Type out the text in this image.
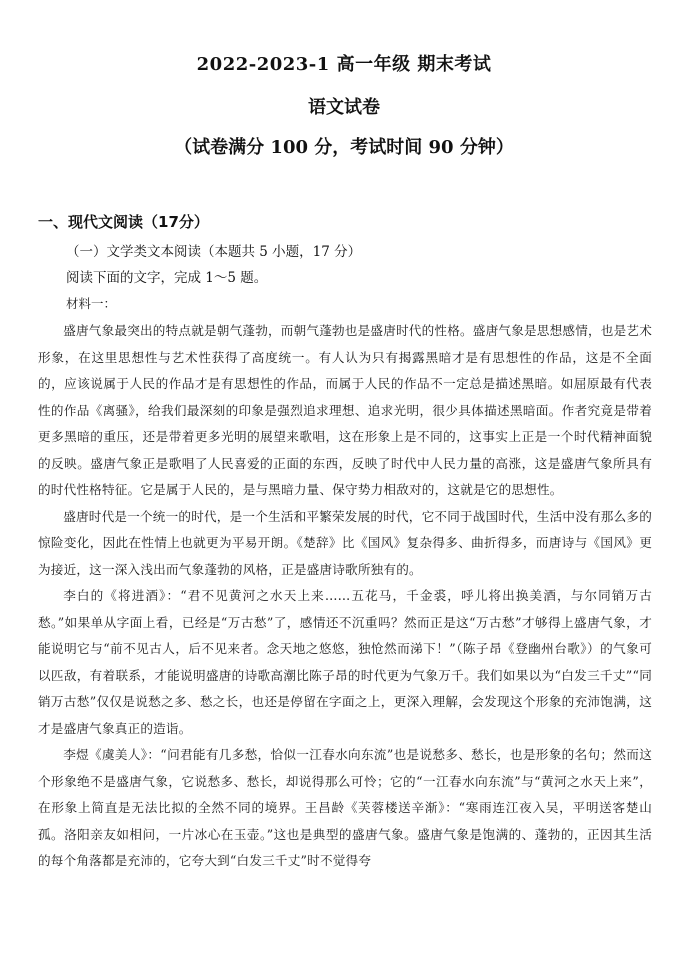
2022-2023-1 高一年级 期末考试
语文试卷
（试卷满分 100 分，考试时间 90 分钟）
一、现代文阅读（17分）
（一）文学类文本阅读（本题共 5 小题，17 分）
阅读下面的文字，完成 1～5 题。
材料一：

盛唐气象最突出的特点就是朝气蓬勃，而朝气蓬勃也是盛唐时代的性格。盛唐气象是思想感情，也是艺术形象，在这里思想性与艺术性获得了高度统一。有人认为只有揭露黑暗才是有思想性的作品，这是不全面的，应该说属于人民的作品才是有思想性的作品，而属于人民的作品不一定总是描述黑暗。如屈原最有代表性的作品《离骚》，给我们最深刻的印象是强烈追求理想、追求光明，很少具体描述黑暗面。作者究竟是带着更多黑暗的重压，还是带着更多光明的展望来歌唱，这在形象上是不同的，这事实上正是一个时代精神面貌的反映。盛唐气象正是歌唱了人民喜爱的正面的东西，反映了时代中人民力量的高涨，这是盛唐气象所具有的时代性格特征。它是属于人民的，是与黑暗力量、保守势力相敌对的，这就是它的思想性。

盛唐时代是一个统一的时代，是一个生活和平繁荣发展的时代，它不同于战国时代，生活中没有那么多的惊险变化，因此在性情上也就更为平易开朗。《楚辞》比《国风》复杂得多、曲折得多，而唐诗与《国风》更为接近，这一深入浅出而气象蓬勃的风格，正是盛唐诗歌所独有的。

李白的《将进酒》：“君不见黄河之水天上来……五花马，千金裘，呼儿将出换美酒，与尔同销万古愁。”如果单从字面上看，已经是“万古愁”了，感情还不沉重吗？然而正是这“万古愁”才够得上盛唐气象，才能说明它与“前不见古人，后不见来者。念天地之悠悠，独怆然而涕下！”（陈子昂《登幽州台歌》）的气象可以匹敌，有着联系，才能说明盛唐的诗歌高潮比陈子昂的时代更为气象万千。我们如果以为“白发三千丈”“同销万古愁”仅仅是说愁之多、愁之长，也还是停留在字面之上，更深入理解，会发现这个形象的充沛饱满，这才是盛唐气象真正的造诣。

李煜《虞美人》：“问君能有几多愁，恰似一江春水向东流”也是说愁多、愁长，也是形象的名句；然而这个形象绝不是盛唐气象，它说愁多、愁长，却说得那么可怜；它的“一江春水向东流”与“黄河之水天上来”，在形象上简直是无法比拟的全然不同的境界。王昌龄《芙蓉楼送辛渐》：“寒雨连江夜入吴，平明送客楚山孤。洛阳亲友如相问，一片冰心在玉壶。”这也是典型的盛唐气象。盛唐气象是饱满的、蓬勃的，正因其生活的每个角落都是充沛的，它夸大到“白发三千丈”时不觉得夸
